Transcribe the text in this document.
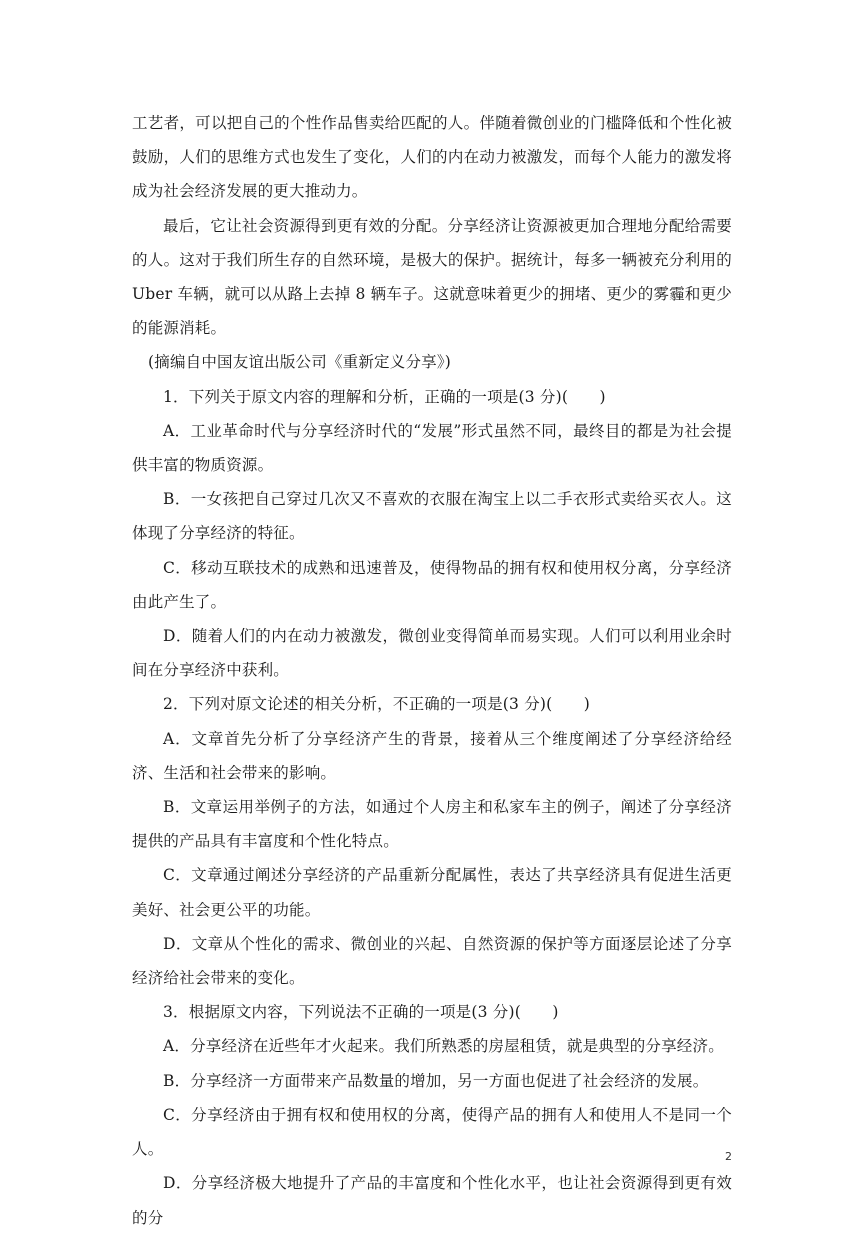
工艺者，可以把自己的个性作品售卖给匹配的人。伴随着微创业的门槛降低和个性化被鼓励，人们的思维方式也发生了变化，人们的内在动力被激发，而每个人能力的激发将成为社会经济发展的更大推动力。

最后，它让社会资源得到更有效的分配。分享经济让资源被更加合理地分配给需要的人。这对于我们所生存的自然环境，是极大的保护。据统计，每多一辆被充分利用的 Uber 车辆，就可以从路上去掉 8 辆车子。这就意味着更少的拥堵、更少的雾霾和更少的能源消耗。

(摘编自中国友谊出版公司《重新定义分享》)

1．下列关于原文内容的理解和分析，正确的一项是(3 分)(　　)

A．工业革命时代与分享经济时代的“发展”形式虽然不同，最终目的都是为社会提供丰富的物质资源。

B．一女孩把自己穿过几次又不喜欢的衣服在淘宝上以二手衣形式卖给买衣人。这体现了分享经济的特征。

C．移动互联技术的成熟和迅速普及，使得物品的拥有权和使用权分离，分享经济由此产生了。

D．随着人们的内在动力被激发，微创业变得简单而易实现。人们可以利用业余时间在分享经济中获利。

2．下列对原文论述的相关分析，不正确的一项是(3 分)(　　)

A．文章首先分析了分享经济产生的背景，接着从三个维度阐述了分享经济给经济、生活和社会带来的影响。

B．文章运用举例子的方法，如通过个人房主和私家车主的例子，阐述了分享经济提供的产品具有丰富度和个性化特点。

C．文章通过阐述分享经济的产品重新分配属性，表达了共享经济具有促进生活更美好、社会更公平的功能。

D．文章从个性化的需求、微创业的兴起、自然资源的保护等方面逐层论述了分享经济给社会带来的变化。

3．根据原文内容，下列说法不正确的一项是(3 分)(　　)

A．分享经济在近些年才火起来。我们所熟悉的房屋租赁，就是典型的分享经济。

B．分享经济一方面带来产品数量的增加，另一方面也促进了社会经济的发展。

C．分享经济由于拥有权和使用权的分离，使得产品的拥有人和使用人不是同一个人。

D．分享经济极大地提升了产品的丰富度和个性化水平，也让社会资源得到更有效的分

2
